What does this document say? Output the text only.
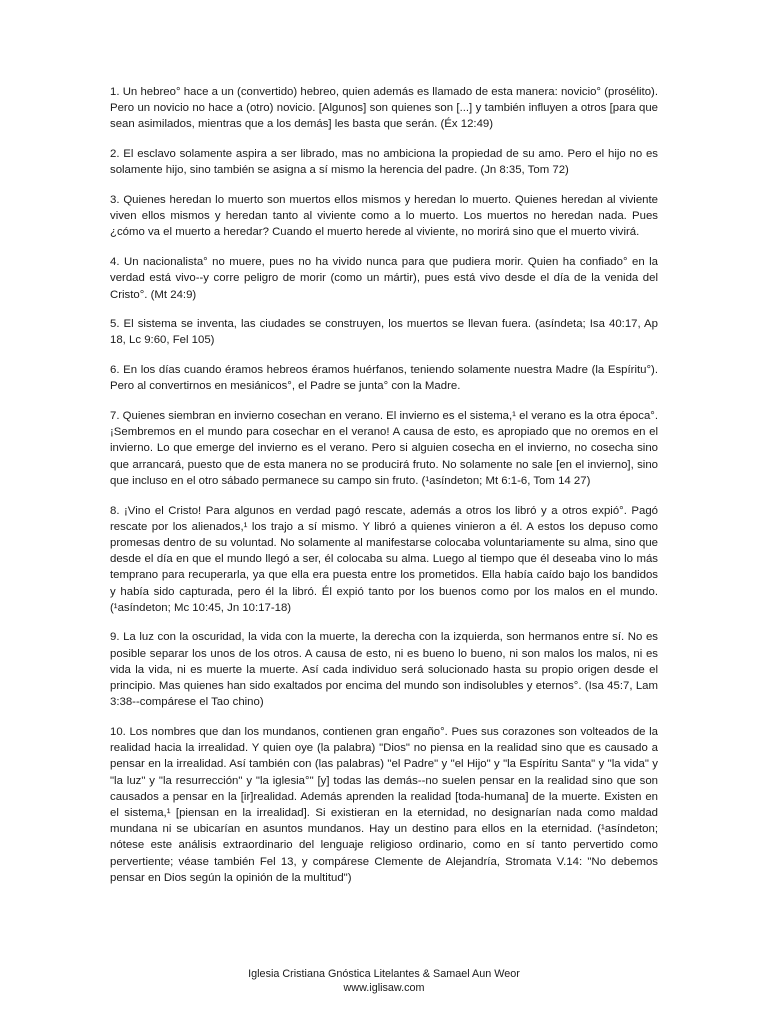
1. Un hebreo° hace a un (convertido) hebreo, quien además es llamado de esta manera: novicio° (prosélito). Pero un novicio no hace a (otro) novicio. [Algunos] son quienes son [...] y también influyen a otros [para que sean asimilados, mientras que a los demás] les basta que serán. (Éx 12:49)

2. El esclavo solamente aspira a ser librado, mas no ambiciona la propiedad de su amo. Pero el hijo no es solamente hijo, sino también se asigna a sí mismo la herencia del padre. (Jn 8:35, Tom 72)

3. Quienes heredan lo muerto son muertos ellos mismos y heredan lo muerto. Quienes heredan al viviente viven ellos mismos y heredan tanto al viviente como a lo muerto. Los muertos no heredan nada. Pues ¿cómo va el muerto a heredar? Cuando el muerto herede al viviente, no morirá sino que el muerto vivirá.

4. Un nacionalista° no muere, pues no ha vivido nunca para que pudiera morir. Quien ha confiado° en la verdad está vivo--y corre peligro de morir (como un mártir), pues está vivo desde el día de la venida del Cristo°. (Mt 24:9)

5. El sistema se inventa, las ciudades se construyen, los muertos se llevan fuera. (asíndeta; Isa 40:17, Ap 18, Lc 9:60, Fel 105)

6. En los días cuando éramos hebreos éramos huérfanos, teniendo solamente nuestra Madre (la Espíritu°). Pero al convertirnos en mesiánicos°, el Padre se junta° con la Madre.

7. Quienes siembran en invierno cosechan en verano. El invierno es el sistema,¹ el verano es la otra época°. ¡Sembremos en el mundo para cosechar en el verano! A causa de esto, es apropiado que no oremos en el invierno. Lo que emerge del invierno es el verano. Pero si alguien cosecha en el invierno, no cosecha sino que arrancará, puesto que de esta manera no se producirá fruto. No solamente no sale [en el invierno], sino que incluso en el otro sábado permanece su campo sin fruto. (¹asíndeton; Mt 6:1-6, Tom 14 27)

8. ¡Vino el Cristo! Para algunos en verdad pagó rescate, además a otros los libró y a otros expió°. Pagó rescate por los alienados,¹ los trajo a sí mismo. Y libró a quienes vinieron a él. A estos los depuso como promesas dentro de su voluntad. No solamente al manifestarse colocaba voluntariamente su alma, sino que desde el día en que el mundo llegó a ser, él colocaba su alma. Luego al tiempo que él deseaba vino lo más temprano para recuperarla, ya que ella era puesta entre los prometidos. Ella había caído bajo los bandidos y había sido capturada, pero él la libró. Él expió tanto por los buenos como por los malos en el mundo. (¹asíndeton; Mc 10:45, Jn 10:17-18)

9. La luz con la oscuridad, la vida con la muerte, la derecha con la izquierda, son hermanos entre sí. No es posible separar los unos de los otros. A causa de esto, ni es bueno lo bueno, ni son malos los malos, ni es vida la vida, ni es muerte la muerte. Así cada individuo será solucionado hasta su propio origen desde el principio. Mas quienes han sido exaltados por encima del mundo son indisolubles y eternos°. (Isa 45:7, Lam 3:38--compárese el Tao chino)

10. Los nombres que dan los mundanos, contienen gran engaño°. Pues sus corazones son volteados de la realidad hacia la irrealidad. Y quien oye (la palabra) "Dios" no piensa en la realidad sino que es causado a pensar en la irrealidad. Así también con (las palabras) "el Padre" y "el Hijo" y "la Espíritu Santa" y "la vida" y "la luz" y "la resurrección" y "la iglesia°" [y] todas las demás--no suelen pensar en la realidad sino que son causados a pensar en la [ir]realidad. Además aprenden la realidad [toda-humana] de la muerte. Existen en el sistema,¹ [piensan en la irrealidad]. Si existieran en la eternidad, no designarían nada como maldad mundana ni se ubicarían en asuntos mundanos. Hay un destino para ellos en la eternidad. (¹asíndeton; nótese este análisis extraordinario del lenguaje religioso ordinario, como en sí tanto pervertido como pervertiente; véase también Fel 13, y compárese Clemente de Alejandría, Stromata V.14: "No debemos pensar en Dios según la opinión de la multitud")

Iglesia Cristiana Gnóstica Litelantes & Samael Aun Weor
www.iglisaw.com
